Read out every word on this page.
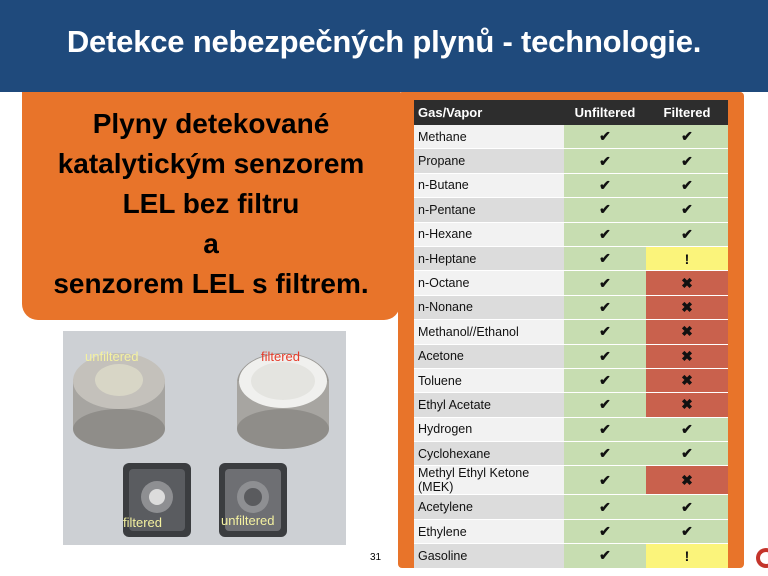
Detekce nebezpečných plynů - technologie.
Plyny detekované
katalytickým senzorem
LEL bez filtru
a
senzorem LEL s filtrem.
unfiltered	filtered
filtered	unfiltered
Gas/Vapor	Unfiltered	Filtered
Methane	✔	✔
Propane	✔	✔
n-Butane	✔	✔
n-Pentane	✔	✔
n-Hexane	✔	✔
n-Heptane	✔	!
n-Octane	✔	✖
n-Nonane	✔	✖
Methanol//Ethanol	✔	✖
Acetone	✔	✖
Toluene	✔	✖
Ethyl Acetate	✔	✖
Hydrogen	✔	✔
Cyclohexane	✔	✔
Methyl Ethyl Ketone (MEK)	✔	✖
Acetylene	✔	✔
Ethylene	✔	✔
Gasoline	✔	!
31
